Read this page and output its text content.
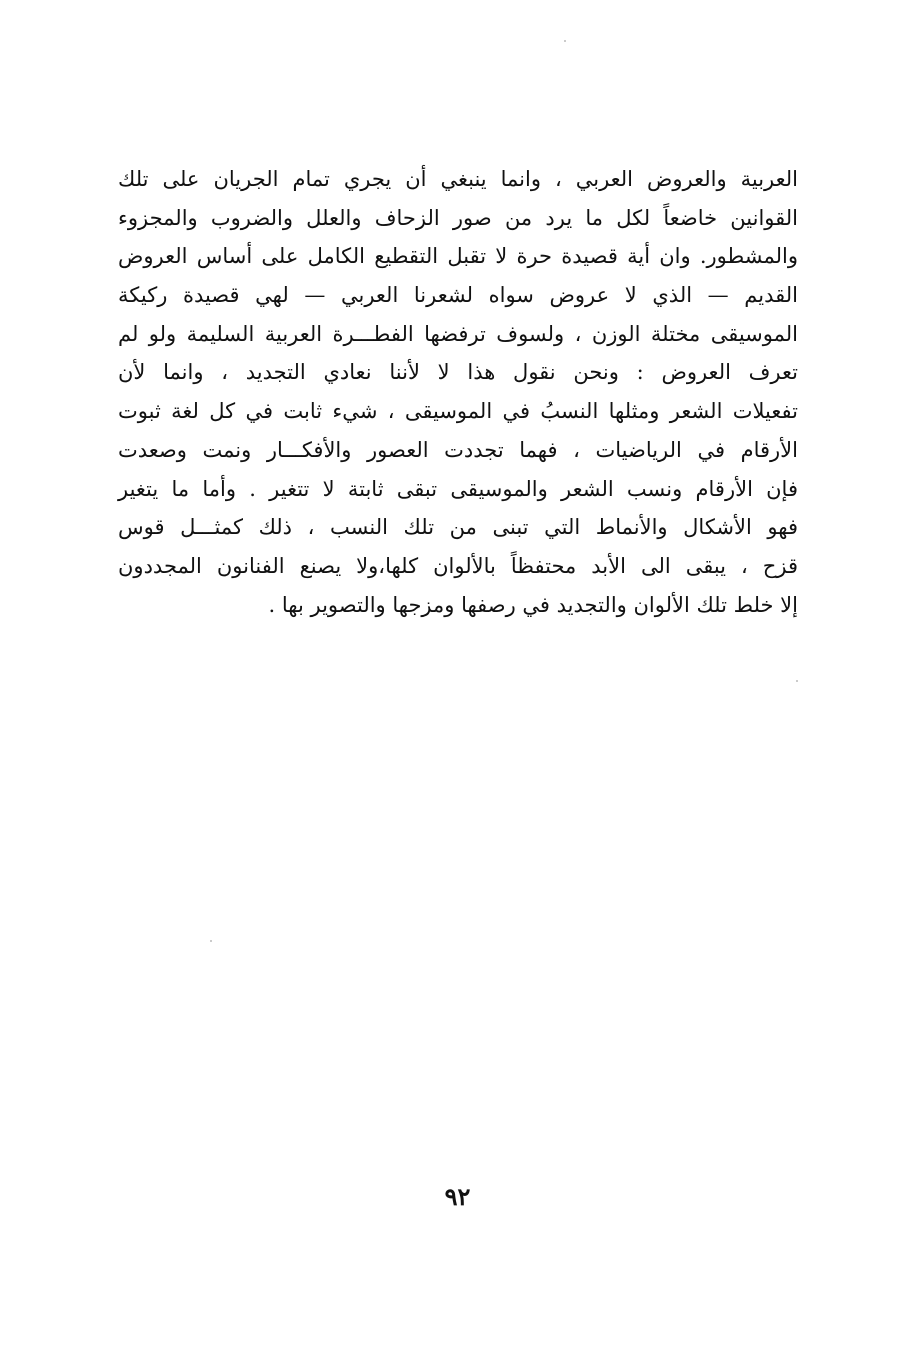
العربية والعروض العربي ، وانما ينبغي أن يجري تمام الجريان على تلك
القوانين خاضعاً لكل ما يرد من صور الزحاف والعلل والضروب والمجزوء
والمشطور. وان أية قصيدة حرة لا تقبل التقطيع الكامل على أساس العروض
القديم — الذي لا عروض سواه لشعرنا العربي — لهي قصيدة ركيكة
الموسيقى مختلة الوزن ، ولسوف ترفضها الفطـــرة العربية السليمة ولو لم
تعرف العروض : ونحن نقول هذا لا لأننا نعادي التجديد ، وانما لأن
تفعيلات الشعر ومثلها النسبُ في الموسيقى ، شيء ثابت في كل لغة ثبوت
الأرقام في الرياضيات ، فهما تجددت العصور والأفكـــار ونمت وصعدت
فإن الأرقام ونسب الشعر والموسيقى تبقى ثابتة لا تتغير . وأما ما يتغير
فهو الأشكال والأنماط التي تبنى من تلك النسب ، ذلك كمثـــل قوس
قزح ، يبقى الى الأبد محتفظاً بالألوان كلها،ولا يصنع الفنانون المجددون
إلا خلط تلك الألوان والتجديد في رصفها ومزجها والتصوير بها .
٩٢
